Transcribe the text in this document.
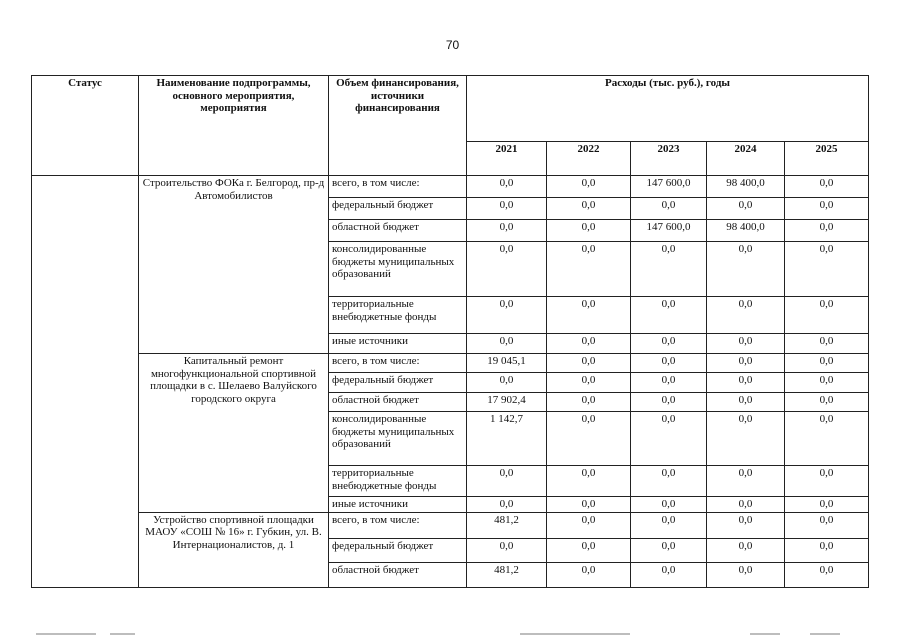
70
Статус	Наименование подпрограммы, основного мероприятия, мероприятия	Объем финансирования, источники финансирования	Расходы (тыс. руб.), годы				
			2021	2022	2023	2024	2025
	Строительство ФОКа г. Белгород, пр-д Автомобилистов	всего, в том числе:	0,0	0,0	147 600,0	98 400,0	0,0
		федеральный бюджет	0,0	0,0	0,0	0,0	0,0
		областной бюджет	0,0	0,0	147 600,0	98 400,0	0,0
		консолидированные бюджеты муниципальных образований	0,0	0,0	0,0	0,0	0,0
		территориальные внебюджетные фонды	0,0	0,0	0,0	0,0	0,0
		иные источники	0,0	0,0	0,0	0,0	0,0
	Капитальный ремонт многофункциональной спортивной площадки в с. Шелаево Валуйского городского округа	всего, в том числе:	19 045,1	0,0	0,0	0,0	0,0
		федеральный бюджет	0,0	0,0	0,0	0,0	0,0
		областной бюджет	17 902,4	0,0	0,0	0,0	0,0
		консолидированные бюджеты муниципальных образований	1 142,7	0,0	0,0	0,0	0,0
		территориальные внебюджетные фонды	0,0	0,0	0,0	0,0	0,0
		иные источники	0,0	0,0	0,0	0,0	0,0
	Устройство спортивной площадки МАОУ «СОШ № 16» г. Губкин, ул. В. Интернационалистов, д. 1	всего, в том числе:	481,2	0,0	0,0	0,0	0,0
		федеральный бюджет	0,0	0,0	0,0	0,0	0,0
		областной бюджет	481,2	0,0	0,0	0,0	0,0
